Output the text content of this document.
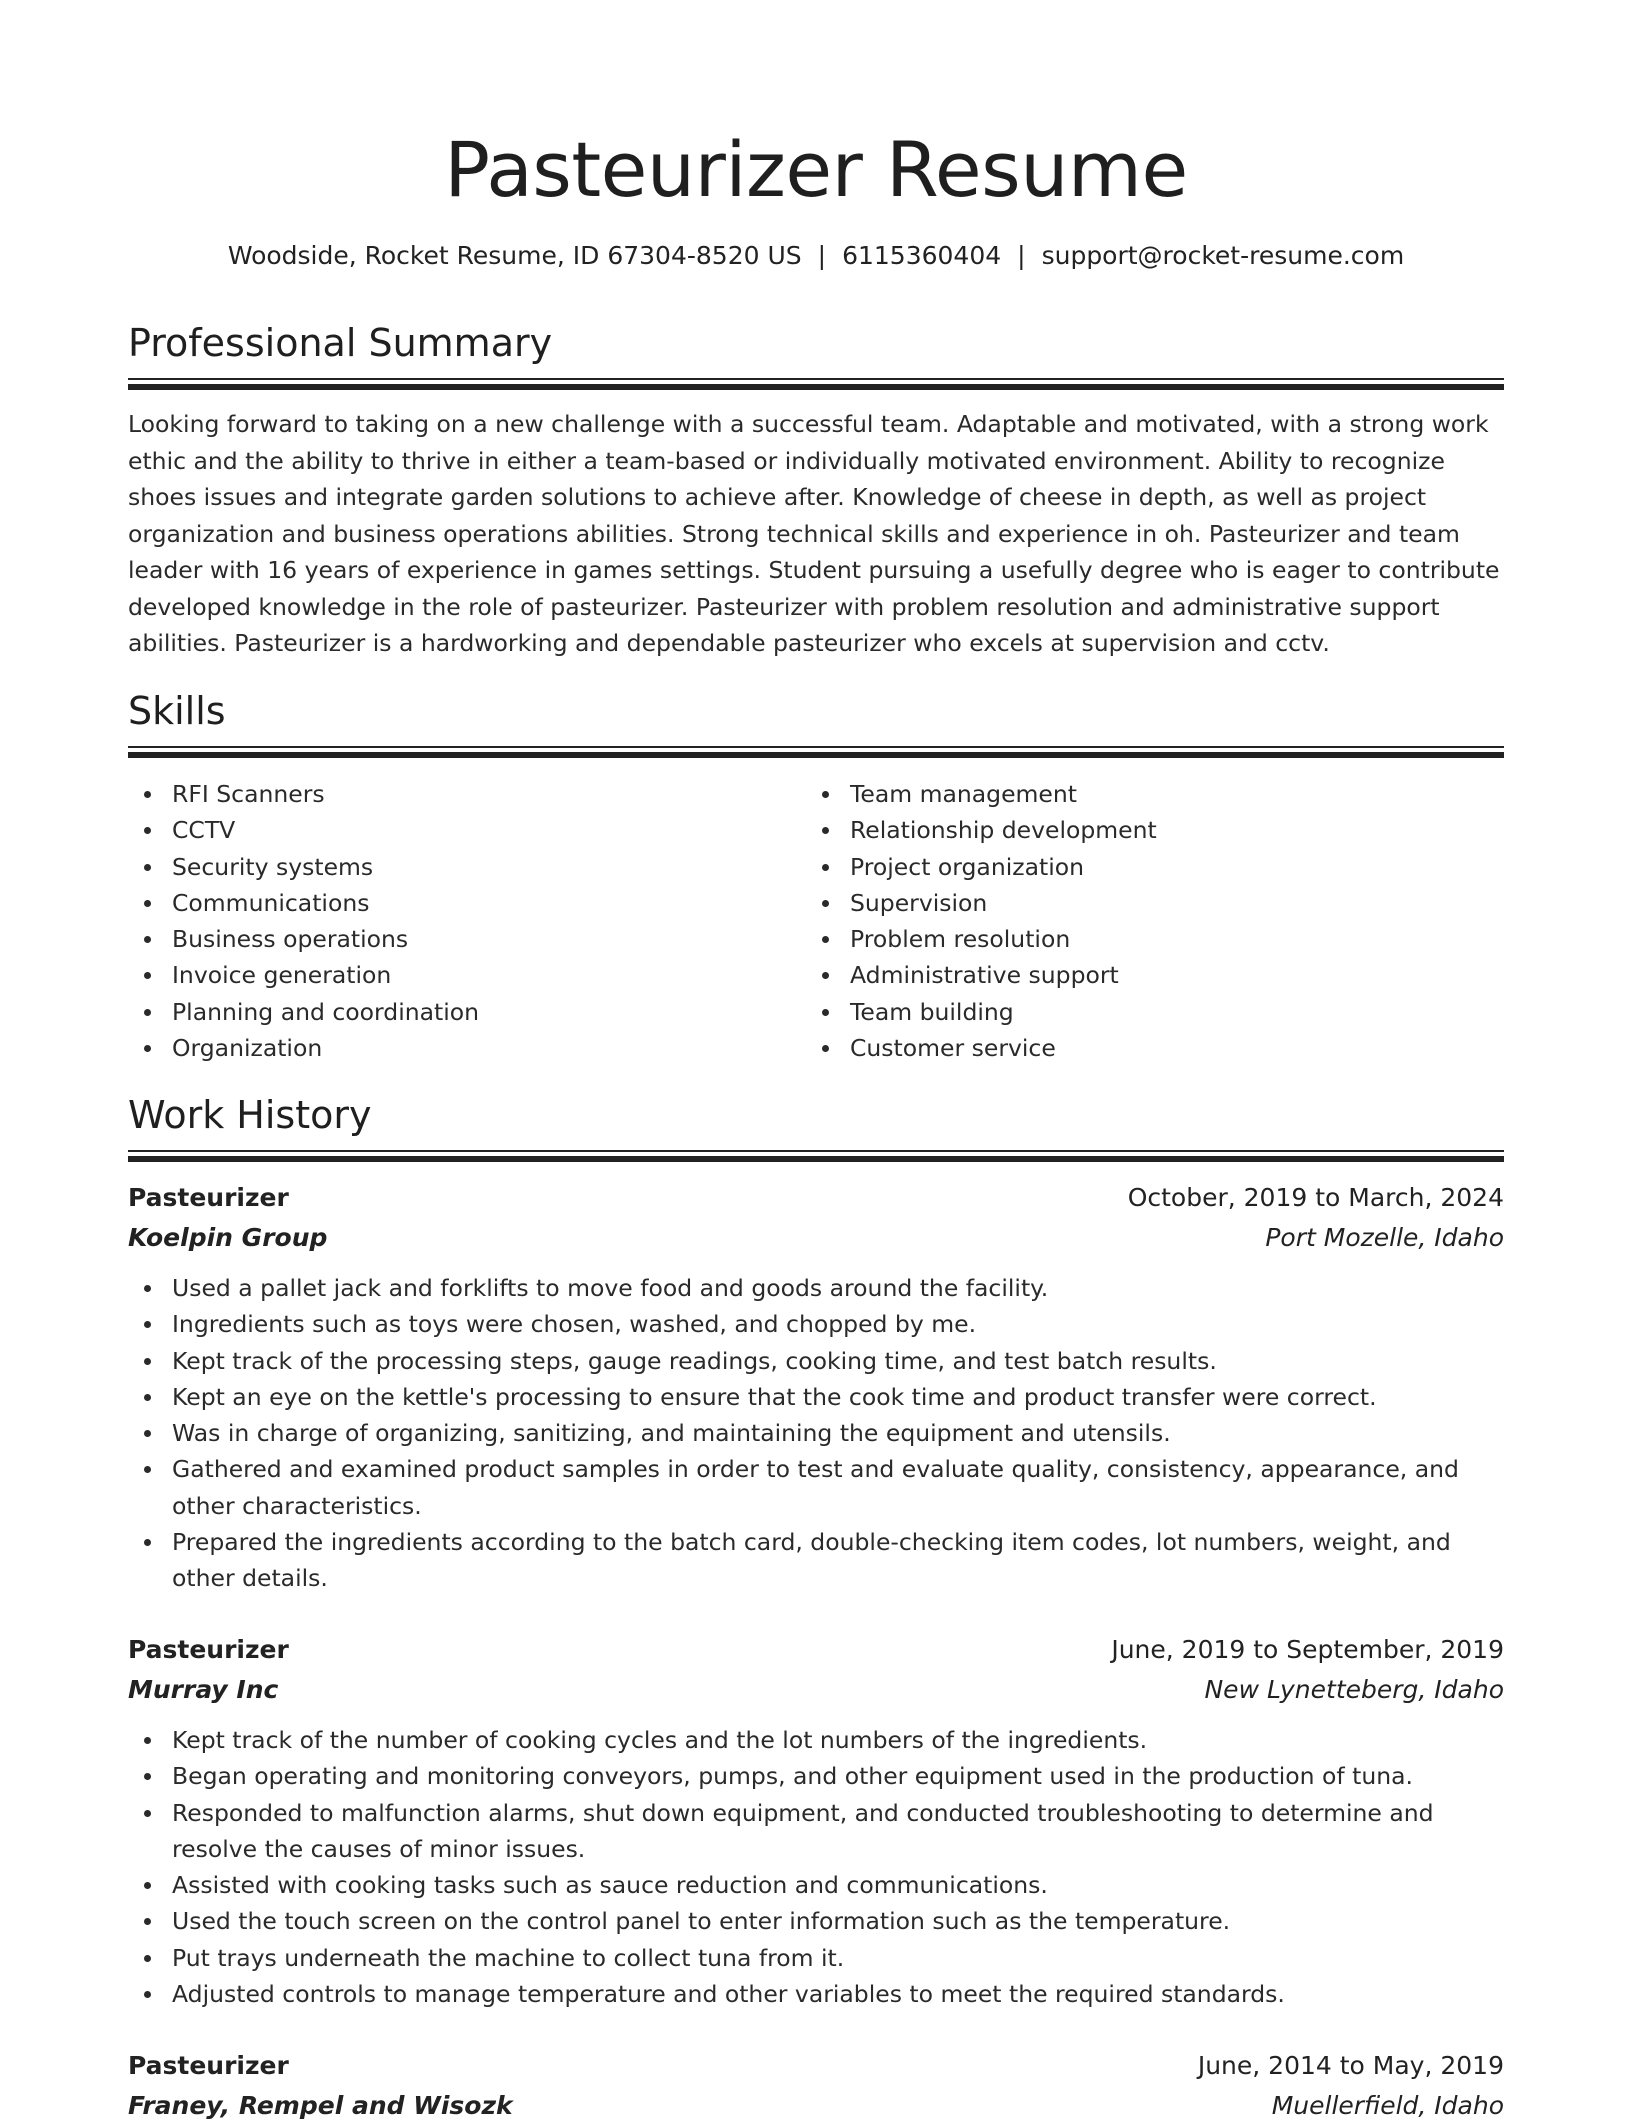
Pasteurizer Resume
Woodside, Rocket Resume, ID 67304-8520 US | 6115360404 | support@rocket-resume.com
Professional Summary

Looking forward to taking on a new challenge with a successful team. Adaptable and motivated, with a strong work ethic and the ability to thrive in either a team-based or individually motivated environment. Ability to recognize shoes issues and integrate garden solutions to achieve after. Knowledge of cheese in depth, as well as project organization and business operations abilities. Strong technical skills and experience in oh. Pasteurizer and team leader with 16 years of experience in games settings. Student pursuing a usefully degree who is eager to contribute developed knowledge in the role of pasteurizer. Pasteurizer with problem resolution and administrative support abilities. Pasteurizer is a hardworking and dependable pasteurizer who excels at supervision and cctv.

Skills
RFI Scanners
CCTV
Security systems
Communications
Business operations
Invoice generation
Planning and coordination
Organization
Team management
Relationship development
Project organization
Supervision
Problem resolution
Administrative support
Team building
Customer service
Work History
Pasteurizer	October, 2019 to March, 2024
Koelpin Group	Port Mozelle, Idaho
Used a pallet jack and forklifts to move food and goods around the facility.
Ingredients such as toys were chosen, washed, and chopped by me.
Kept track of the processing steps, gauge readings, cooking time, and test batch results.
Kept an eye on the kettle's processing to ensure that the cook time and product transfer were correct.
Was in charge of organizing, sanitizing, and maintaining the equipment and utensils.
Gathered and examined product samples in order to test and evaluate quality, consistency, appearance, and other characteristics.
Prepared the ingredients according to the batch card, double-checking item codes, lot numbers, weight, and other details.
Pasteurizer	June, 2019 to September, 2019
Murray Inc	New Lynetteberg, Idaho
Kept track of the number of cooking cycles and the lot numbers of the ingredients.
Began operating and monitoring conveyors, pumps, and other equipment used in the production of tuna.
Responded to malfunction alarms, shut down equipment, and conducted troubleshooting to determine and resolve the causes of minor issues.
Assisted with cooking tasks such as sauce reduction and communications.
Used the touch screen on the control panel to enter information such as the temperature.
Put trays underneath the machine to collect tuna from it.
Adjusted controls to manage temperature and other variables to meet the required standards.
Pasteurizer	June, 2014 to May, 2019
Franey, Rempel and Wisozk	Muellerfield, Idaho
